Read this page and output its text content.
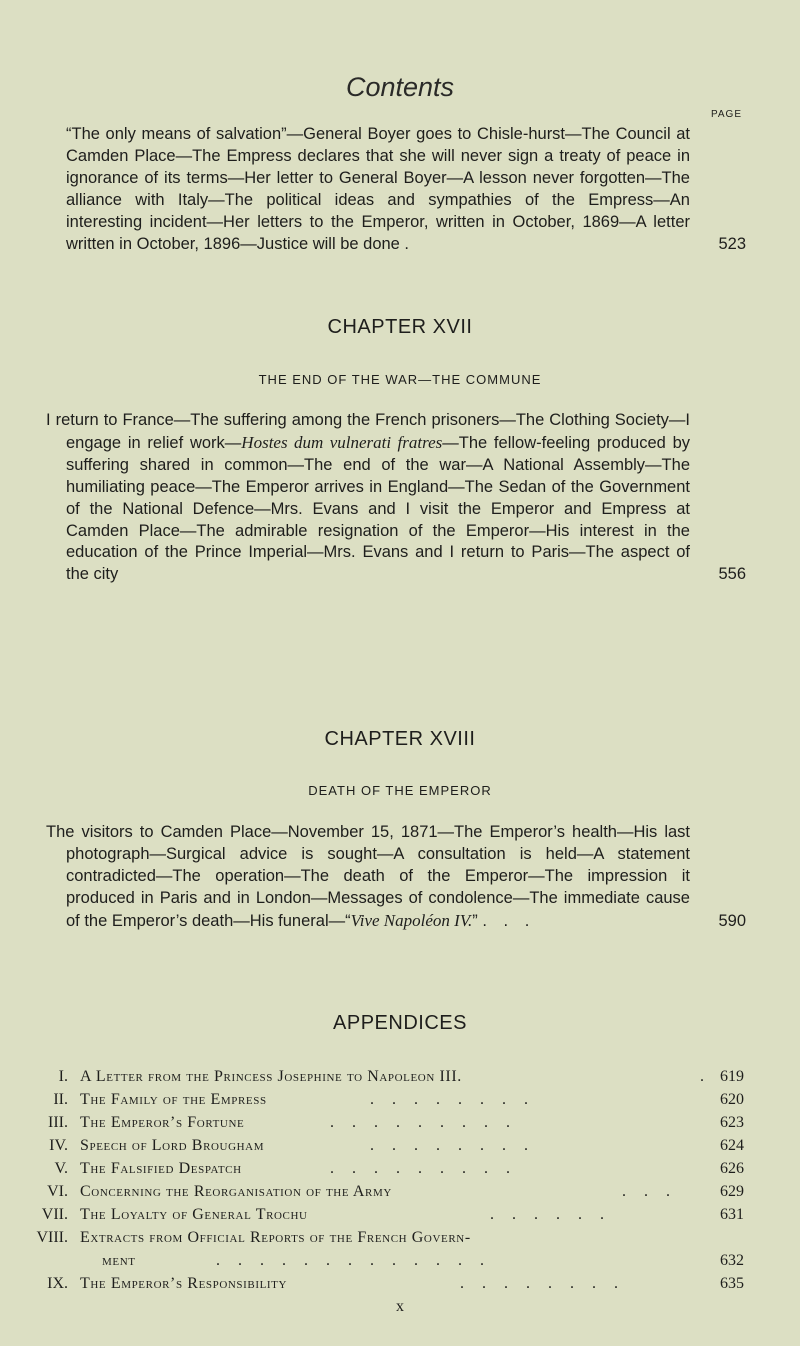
Contents
PAGE
“The only means of salvation”—General Boyer goes to Chisle-hurst—The Council at Camden Place—The Empress declares that she will never sign a treaty of peace in ignorance of its terms—Her letter to General Boyer—A lesson never forgotten—The alliance with Italy—The political ideas and sympathies of the Empress—An interesting incident—Her letters to the Emperor, written in October, 1869—A letter written in October, 1896—Justice will be done .	523
CHAPTER XVII
THE END OF THE WAR—THE COMMUNE
I return to France—The suffering among the French prisoners—The Clothing Society—I engage in relief work—Hostes dum vulnerati fratres—The fellow-feeling produced by suffering shared in common—The end of the war—A National Assembly—The humiliating peace—The Emperor arrives in England—The Sedan of the Government of the National Defence—Mrs. Evans and I visit the Emperor and Empress at Camden Place—The admirable resignation of the Emperor—His interest in the education of the Prince Imperial—Mrs. Evans and I return to Paris—The aspect of the city	556
CHAPTER XVIII
DEATH OF THE EMPEROR
The visitors to Camden Place—November 15, 1871—The Emperor’s health—His last photograph—Surgical advice is sought—A consultation is held—A statement contradicted—The operation—The death of the Emperor—The impression it produced in Paris and in London—Messages of condolence—The immediate cause of the Emperor’s death—His funeral—“Vive Napoléon IV.” . . .	590
APPENDICES
I. A Letter from the Princess Josephine to Napoleon III.	. 619
II. The Family of the Empress	. . . . . . . .	620
III. The Emperor’s Fortune	. . . . . . . . .	623
IV. Speech of Lord Brougham	. . . . . . . .	624
V. The Falsified Despatch	. . . . . . . . .	626
VI. Concerning the Reorganisation of the Army	. . .	629
VII. The Loyalty of General Trochu	. . . . . .	631
VIII. Extracts from Official Reports of the French Govern-
ment	. . . . . . . . . . . . .	632
IX. The Emperor’s Responsibility	. . . . . . . .	635
x
